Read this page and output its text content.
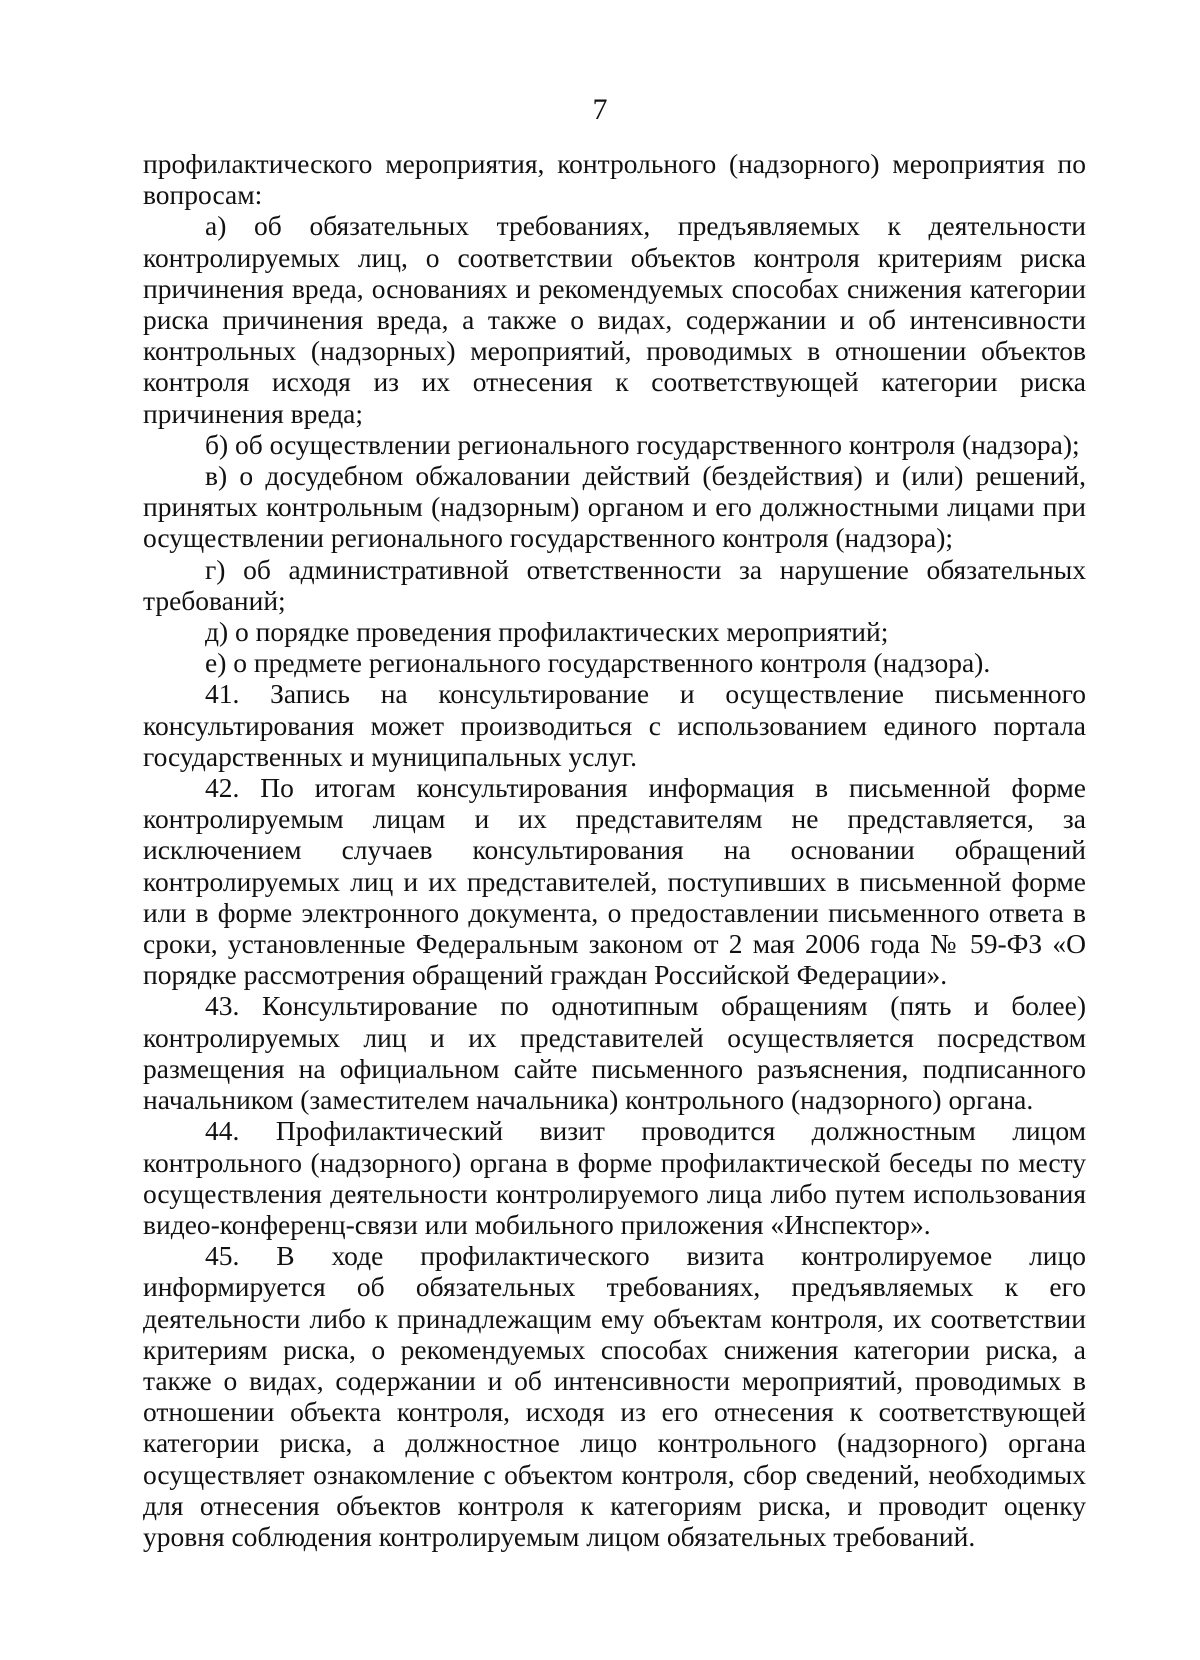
7

профилактического мероприятия, контрольного (надзорного) мероприятия по вопросам:

а) об обязательных требованиях, предъявляемых к деятельности контролируемых лиц, о соответствии объектов контроля критериям риска причинения вреда, основаниях и рекомендуемых способах снижения категории риска причинения вреда, а также о видах, содержании и об интенсивности контрольных (надзорных) мероприятий, проводимых в отношении объектов контроля исходя из их отнесения к соответствующей категории риска причинения вреда;

б) об осуществлении регионального государственного контроля (надзора);

в) о досудебном обжаловании действий (бездействия) и (или) решений, принятых контрольным (надзорным) органом и его должностными лицами при осуществлении регионального государственного контроля (надзора);

г) об административной ответственности за нарушение обязательных требований;

д) о порядке проведения профилактических мероприятий;

е) о предмете регионального государственного контроля (надзора).

41. Запись на консультирование и осуществление письменного консультирования может производиться с использованием единого портала государственных и муниципальных услуг.

42. По итогам консультирования информация в письменной форме контролируемым лицам и их представителям не представляется, за исключением случаев консультирования на основании обращений контролируемых лиц и их представителей, поступивших в письменной форме или в форме электронного документа, о предоставлении письменного ответа в сроки, установленные Федеральным законом от 2 мая 2006 года № 59-ФЗ «О порядке рассмотрения обращений граждан Российской Федерации».

43. Консультирование по однотипным обращениям (пять и более) контролируемых лиц и их представителей осуществляется посредством размещения на официальном сайте письменного разъяснения, подписанного начальником (заместителем начальника) контрольного (надзорного) органа.

44. Профилактический визит проводится должностным лицом контрольного (надзорного) органа в форме профилактической беседы по месту осуществления деятельности контролируемого лица либо путем использования видео-конференц-связи или мобильного приложения «Инспектор».

45. В ходе профилактического визита контролируемое лицо информируется об обязательных требованиях, предъявляемых к его деятельности либо к принадлежащим ему объектам контроля, их соответствии критериям риска, о рекомендуемых способах снижения категории риска, а также о видах, содержании и об интенсивности мероприятий, проводимых в отношении объекта контроля, исходя из его отнесения к соответствующей категории риска, а должностное лицо контрольного (надзорного) органа осуществляет ознакомление с объектом контроля, сбор сведений, необходимых для отнесения объектов контроля к категориям риска, и проводит оценку уровня соблюдения контролируемым лицом обязательных требований.
